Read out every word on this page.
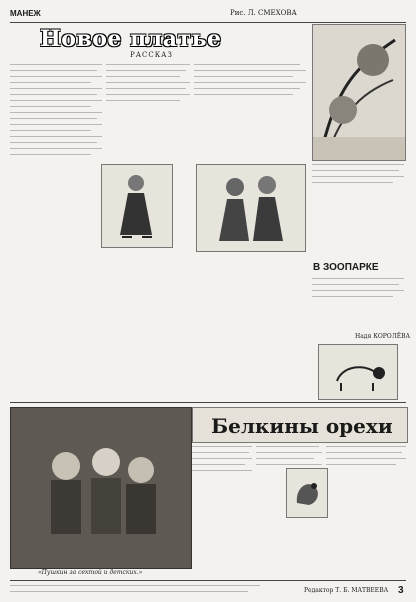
МАНЕЖ	Рис. Л. СМЕХОВА
Новое платье
РАССКАЗ
В ЗООПАРКЕ
Надя КОРОЛЁВА
«Пушкин за сектой и детских.»
Белкины орехи
Редактор Т. Б. МАТВЕЕВА 3
